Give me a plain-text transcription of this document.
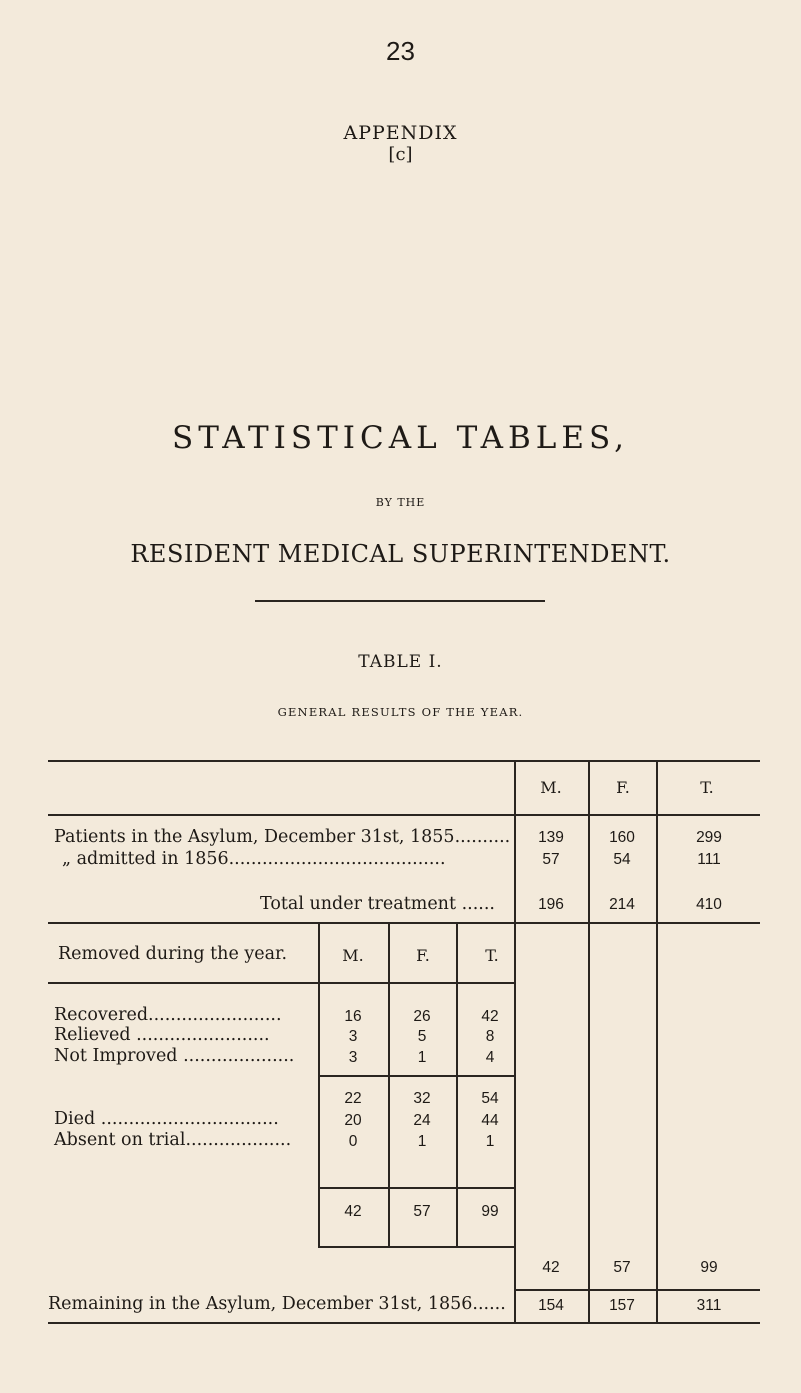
23
APPENDIX
[c]
STATISTICAL TABLES,
BY THE
RESIDENT MEDICAL SUPERINTENDENT.
TABLE I.
GENERAL RESULTS OF THE YEAR.
M.	F.	T.
Patients in the Asylum, December 31st, 1855..........	139	160	299
„ admitted in 1856.......................................	57	54	111
Total under treatment ......	196	214	410
Removed during the year.	M.	F.	T.
Recovered........................	16	26	42
Relieved ........................	3	5	8
Not Improved ....................	3	1	4
22	32	54
Died ................................	20	24	44
Absent on trial...................	0	1	1
42	57	99
42	57	99
Remaining in the Asylum, December 31st, 1856......	154	157	311
